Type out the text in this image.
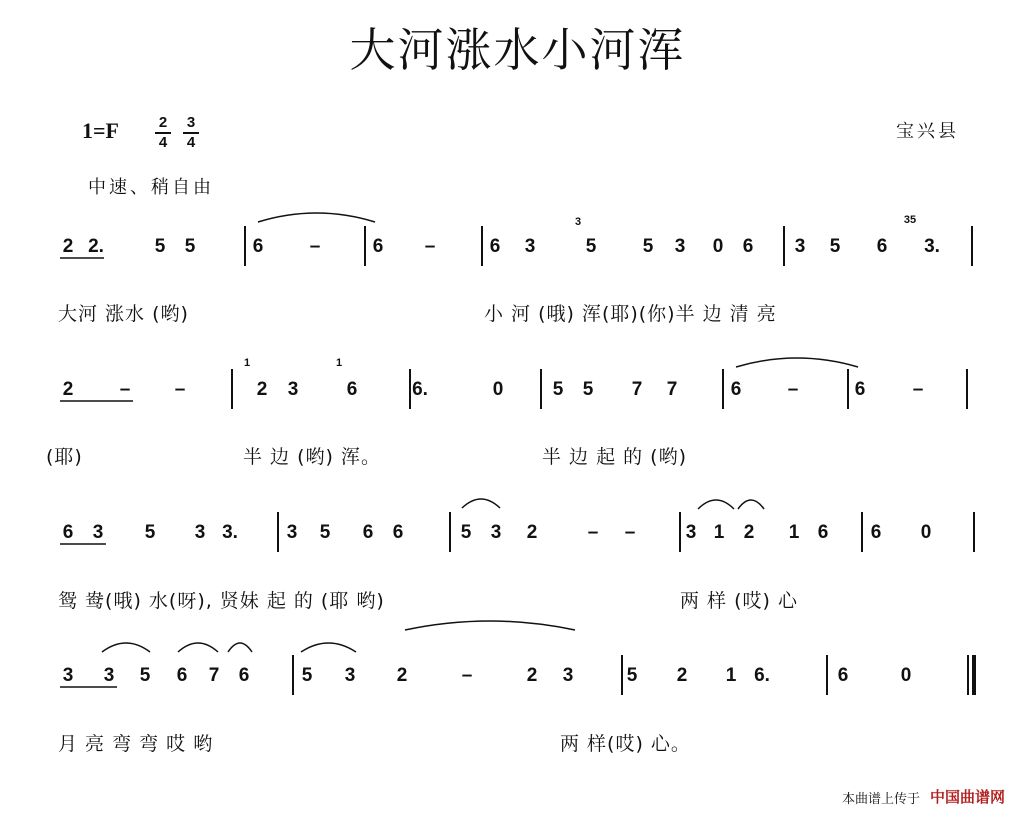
大河涨水小河浑
1=F	2
4
3
4
宝兴县
中速、稍自由
2 2.	5 5	6 –	6 –	6 3	5 5 3 0 6 3 5 6 3.
3	35
2 – –	2 3	6	6.	0	5 5 7 7	6 –	6 –
1	1
6 3 5 3 3.	3 5 6 6	5 3 2	– –	3 1 2 1 6 6 0
3 3 5 6 7 6	5 3 2	–	2 3	5 2 1 6.	6	0
大河 涨水 (哟)	小 河 (哦) 浑(耶)(你)半 边 清 亮
(耶)	半 边 (哟) 浑。	半 边 起 的 (哟)
鸳 鸯(哦) 水(呀), 贤妹 起 的 (耶 哟)	两 样 (哎) 心
月 亮 弯 弯 哎 哟	两 样(哎) 心。
本曲谱上传于 中国曲谱网
